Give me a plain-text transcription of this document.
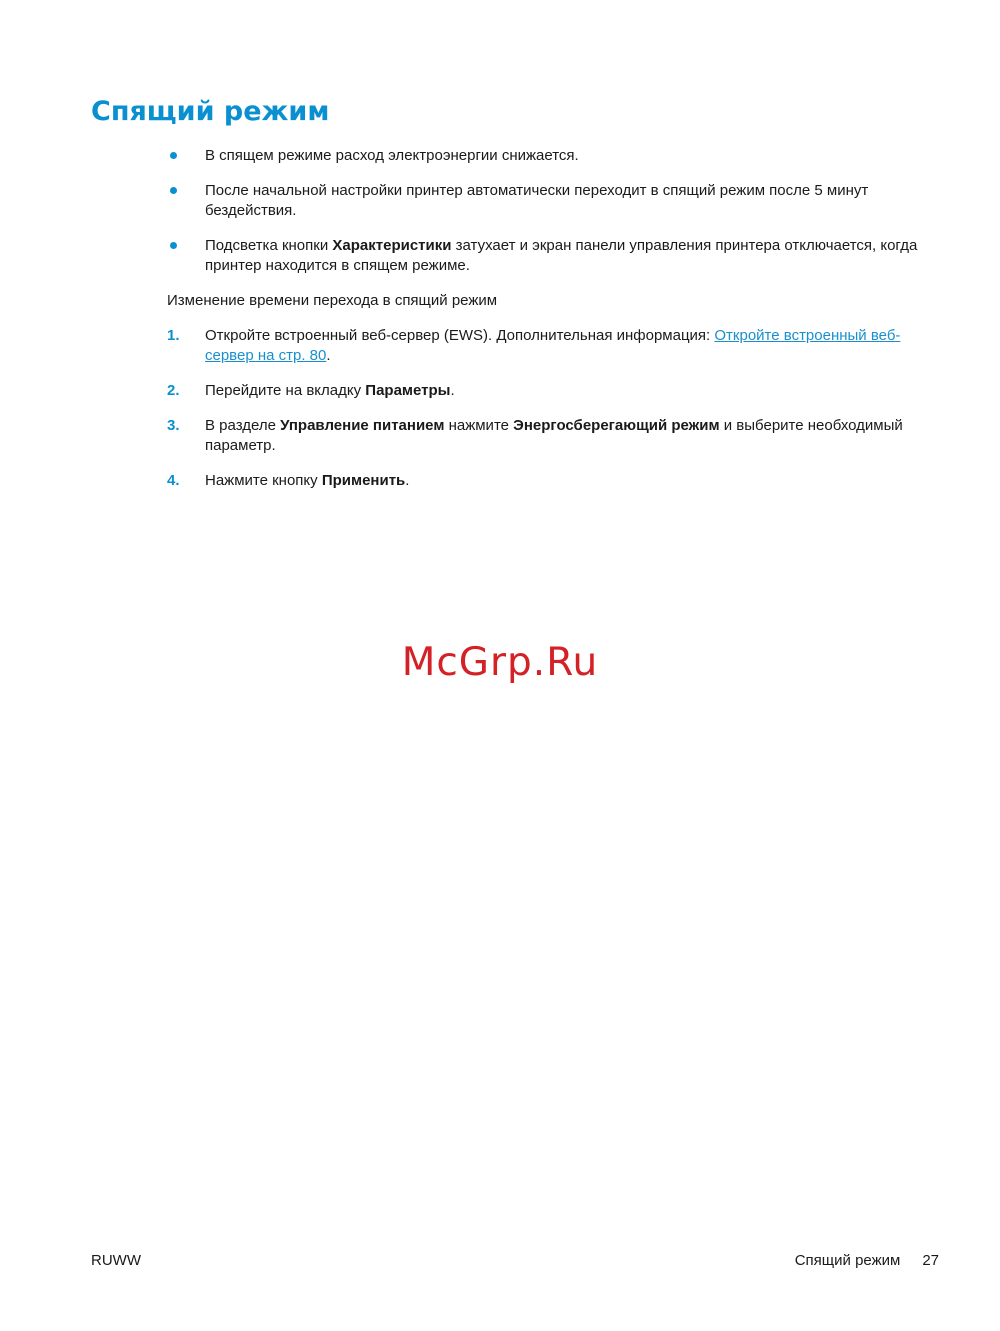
Спящий режим
В спящем режиме расход электроэнергии снижается.
После начальной настройки принтер автоматически переходит в спящий режим после 5 минут бездействия.
Подсветка кнопки Характеристики затухает и экран панели управления принтера отключается, когда принтер находится в спящем режиме.

Изменение времени перехода в спящий режим

1. Откройте встроенный веб-сервер (EWS). Дополнительная информация: Откройте встроенный веб-сервер на стр. 80.
2. Перейдите на вкладку Параметры.
3. В разделе Управление питанием нажмите Энергосберегающий режим и выберите необходимый параметр.
4. Нажмите кнопку Применить.
McGrp.Ru
RUWW	Спящий режим 27
